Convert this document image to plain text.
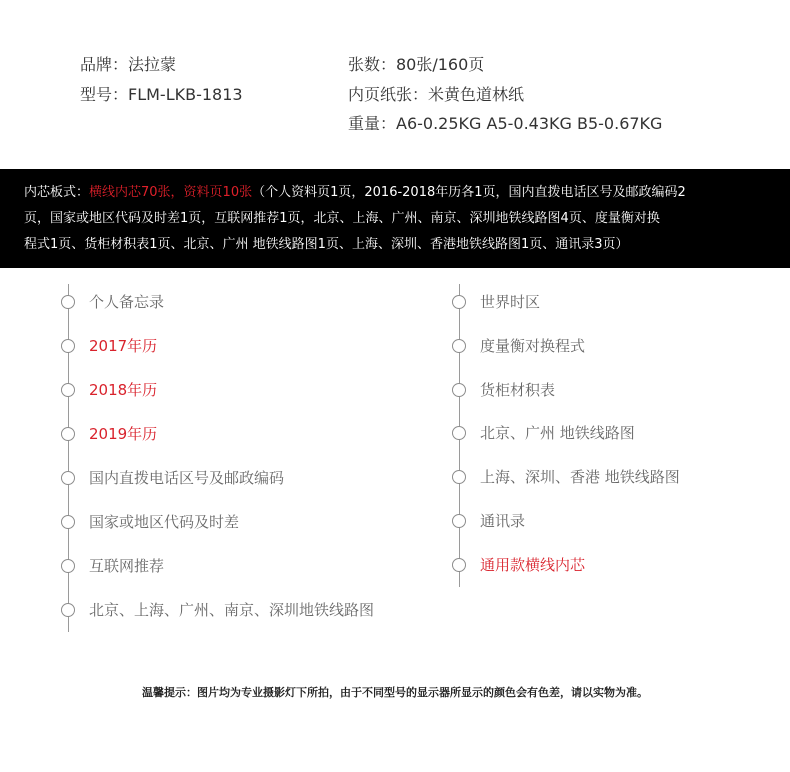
品牌：法拉蒙
型号：FLM-LKB-1813
张数：80张/160页
内页纸张：米黄色道林纸
重量：A6-0.25KG A5-0.43KG B5-0.67KG
内芯板式：横线内芯70张，资料页10张（个人资料页1页，2016-2018年历各1页，国内直拨电话区号及邮政编码2
页，国家或地区代码及时差1页，互联网推荐1页，北京、上海、广州、南京、深圳地铁线路图4页、度量衡对换
程式1页、货柜材积表1页、北京、广州 地铁线路图1页、上海、深圳、香港地铁线路图1页、通讯录3页）
个人备忘录
2017年历
2018年历
2019年历
国内直拨电话区号及邮政编码
国家或地区代码及时差
互联网推荐
北京、上海、广州、南京、深圳地铁线路图
世界时区
度量衡对换程式
货柜材积表
北京、广州 地铁线路图
上海、深圳、香港 地铁线路图
通讯录
通用款横线内芯
温馨提示：图片均为专业摄影灯下所拍，由于不同型号的显示器所显示的颜色会有色差，请以实物为准。
